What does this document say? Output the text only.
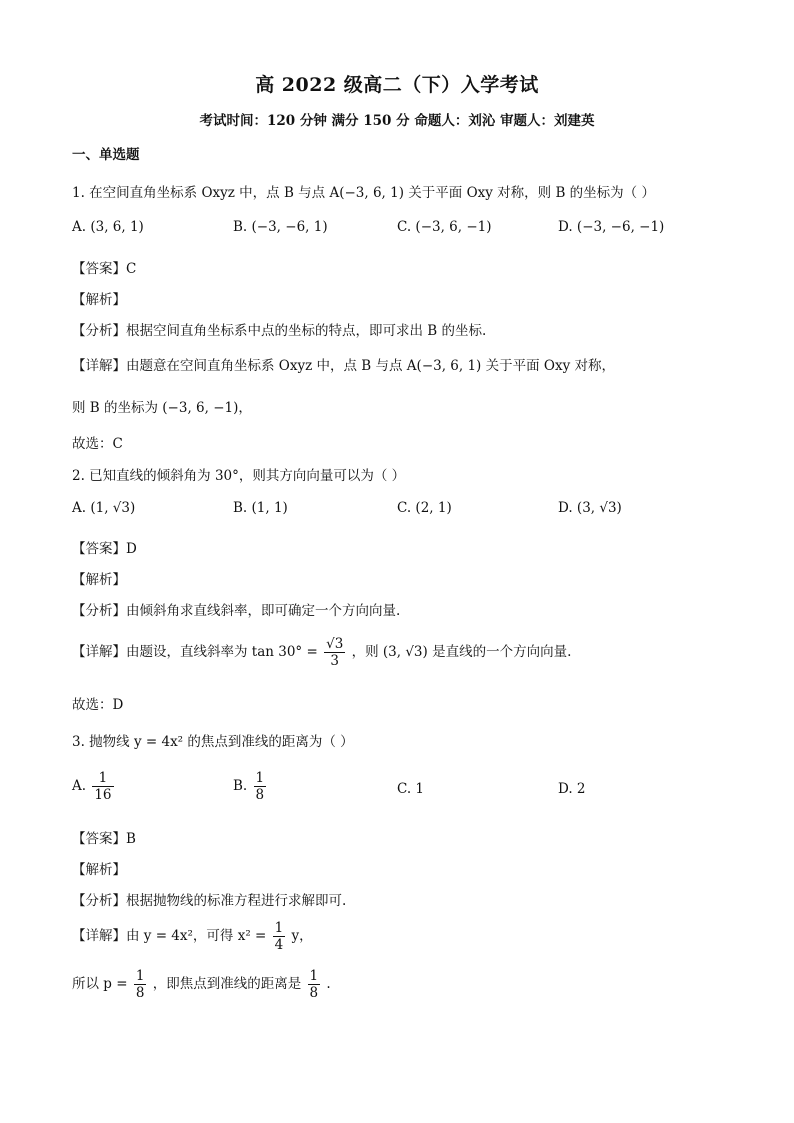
高 2022 级高二（下）入学考试
考试时间：120 分钟 满分 150 分 命题人：刘沁 审题人：刘建英
一、单选题
1. 在空间直角坐标系 Oxyz 中，点 B 与点 A(−3, 6, 1) 关于平面 Oxy 对称，则 B 的坐标为（ ）
A. (3, 6, 1)	B. (−3, −6, 1)	C. (−3, 6, −1)	D. (−3, −6, −1)
【答案】C
【解析】
【分析】根据空间直角坐标系中点的坐标的特点，即可求出 B 的坐标.
【详解】由题意在空间直角坐标系 Oxyz 中，点 B 与点 A(−3, 6, 1) 关于平面 Oxy 对称，
则 B 的坐标为 (−3, 6, −1)，
故选：C
2. 已知直线的倾斜角为 30°，则其方向向量可以为（ ）
A. (1, √3)	B. (1, 1)	C. (2, 1)	D. (3, √3)
【答案】D
【解析】
【分析】由倾斜角求直线斜率，即可确定一个方向向量.
【详解】由题设，直线斜率为 $\tan 30^\circ = \frac{√3}{3}$ ，则 (3, √3) 是直线的一个方向向量.
故选：D
3. 抛物线 y = 4x² 的焦点到准线的距离为（ ）
A. $\frac{1}{16}$	B. $\frac{1}{8}$	C. 1	D. 2
【答案】B
【解析】
【分析】根据抛物线的标准方程进行求解即可.
【详解】由 y = 4x²，可得 $x^2 = \frac{1}{4}$ y，
所以 $p = \frac{1}{8}$ ，即焦点到准线的距离是 $\frac{1}{8}$ .
